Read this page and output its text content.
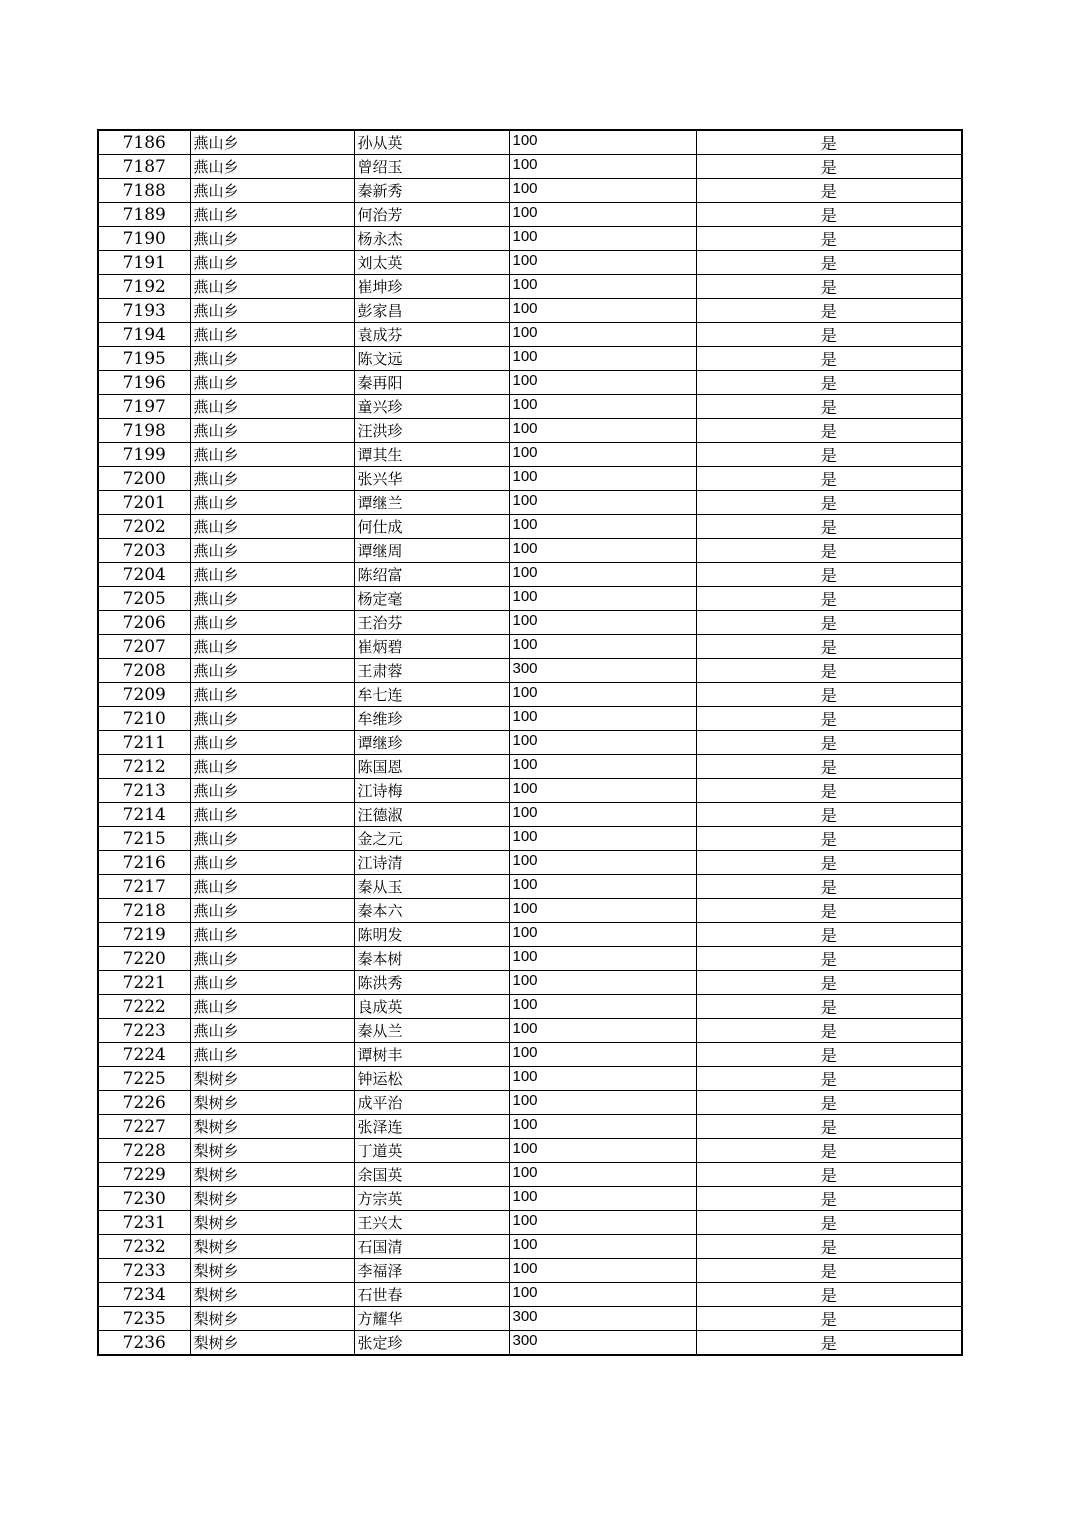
7186	燕山乡	孙从英	100	是
7187	燕山乡	曾绍玉	100	是
7188	燕山乡	秦新秀	100	是
7189	燕山乡	何治芳	100	是
7190	燕山乡	杨永杰	100	是
7191	燕山乡	刘太英	100	是
7192	燕山乡	崔坤珍	100	是
7193	燕山乡	彭家昌	100	是
7194	燕山乡	袁成芬	100	是
7195	燕山乡	陈文远	100	是
7196	燕山乡	秦再阳	100	是
7197	燕山乡	童兴珍	100	是
7198	燕山乡	汪洪珍	100	是
7199	燕山乡	谭其生	100	是
7200	燕山乡	张兴华	100	是
7201	燕山乡	谭继兰	100	是
7202	燕山乡	何仕成	100	是
7203	燕山乡	谭继周	100	是
7204	燕山乡	陈绍富	100	是
7205	燕山乡	杨定毫	100	是
7206	燕山乡	王治芬	100	是
7207	燕山乡	崔炳碧	100	是
7208	燕山乡	王肃蓉	300	是
7209	燕山乡	牟七连	100	是
7210	燕山乡	牟维珍	100	是
7211	燕山乡	谭继珍	100	是
7212	燕山乡	陈国恩	100	是
7213	燕山乡	江诗梅	100	是
7214	燕山乡	汪德淑	100	是
7215	燕山乡	金之元	100	是
7216	燕山乡	江诗清	100	是
7217	燕山乡	秦从玉	100	是
7218	燕山乡	秦本六	100	是
7219	燕山乡	陈明发	100	是
7220	燕山乡	秦本树	100	是
7221	燕山乡	陈洪秀	100	是
7222	燕山乡	良成英	100	是
7223	燕山乡	秦从兰	100	是
7224	燕山乡	谭树丰	100	是
7225	梨树乡	钟运松	100	是
7226	梨树乡	成平治	100	是
7227	梨树乡	张泽连	100	是
7228	梨树乡	丁道英	100	是
7229	梨树乡	余国英	100	是
7230	梨树乡	方宗英	100	是
7231	梨树乡	王兴太	100	是
7232	梨树乡	石国清	100	是
7233	梨树乡	李福泽	100	是
7234	梨树乡	石世春	100	是
7235	梨树乡	方耀华	300	是
7236	梨树乡	张定珍	300	是
